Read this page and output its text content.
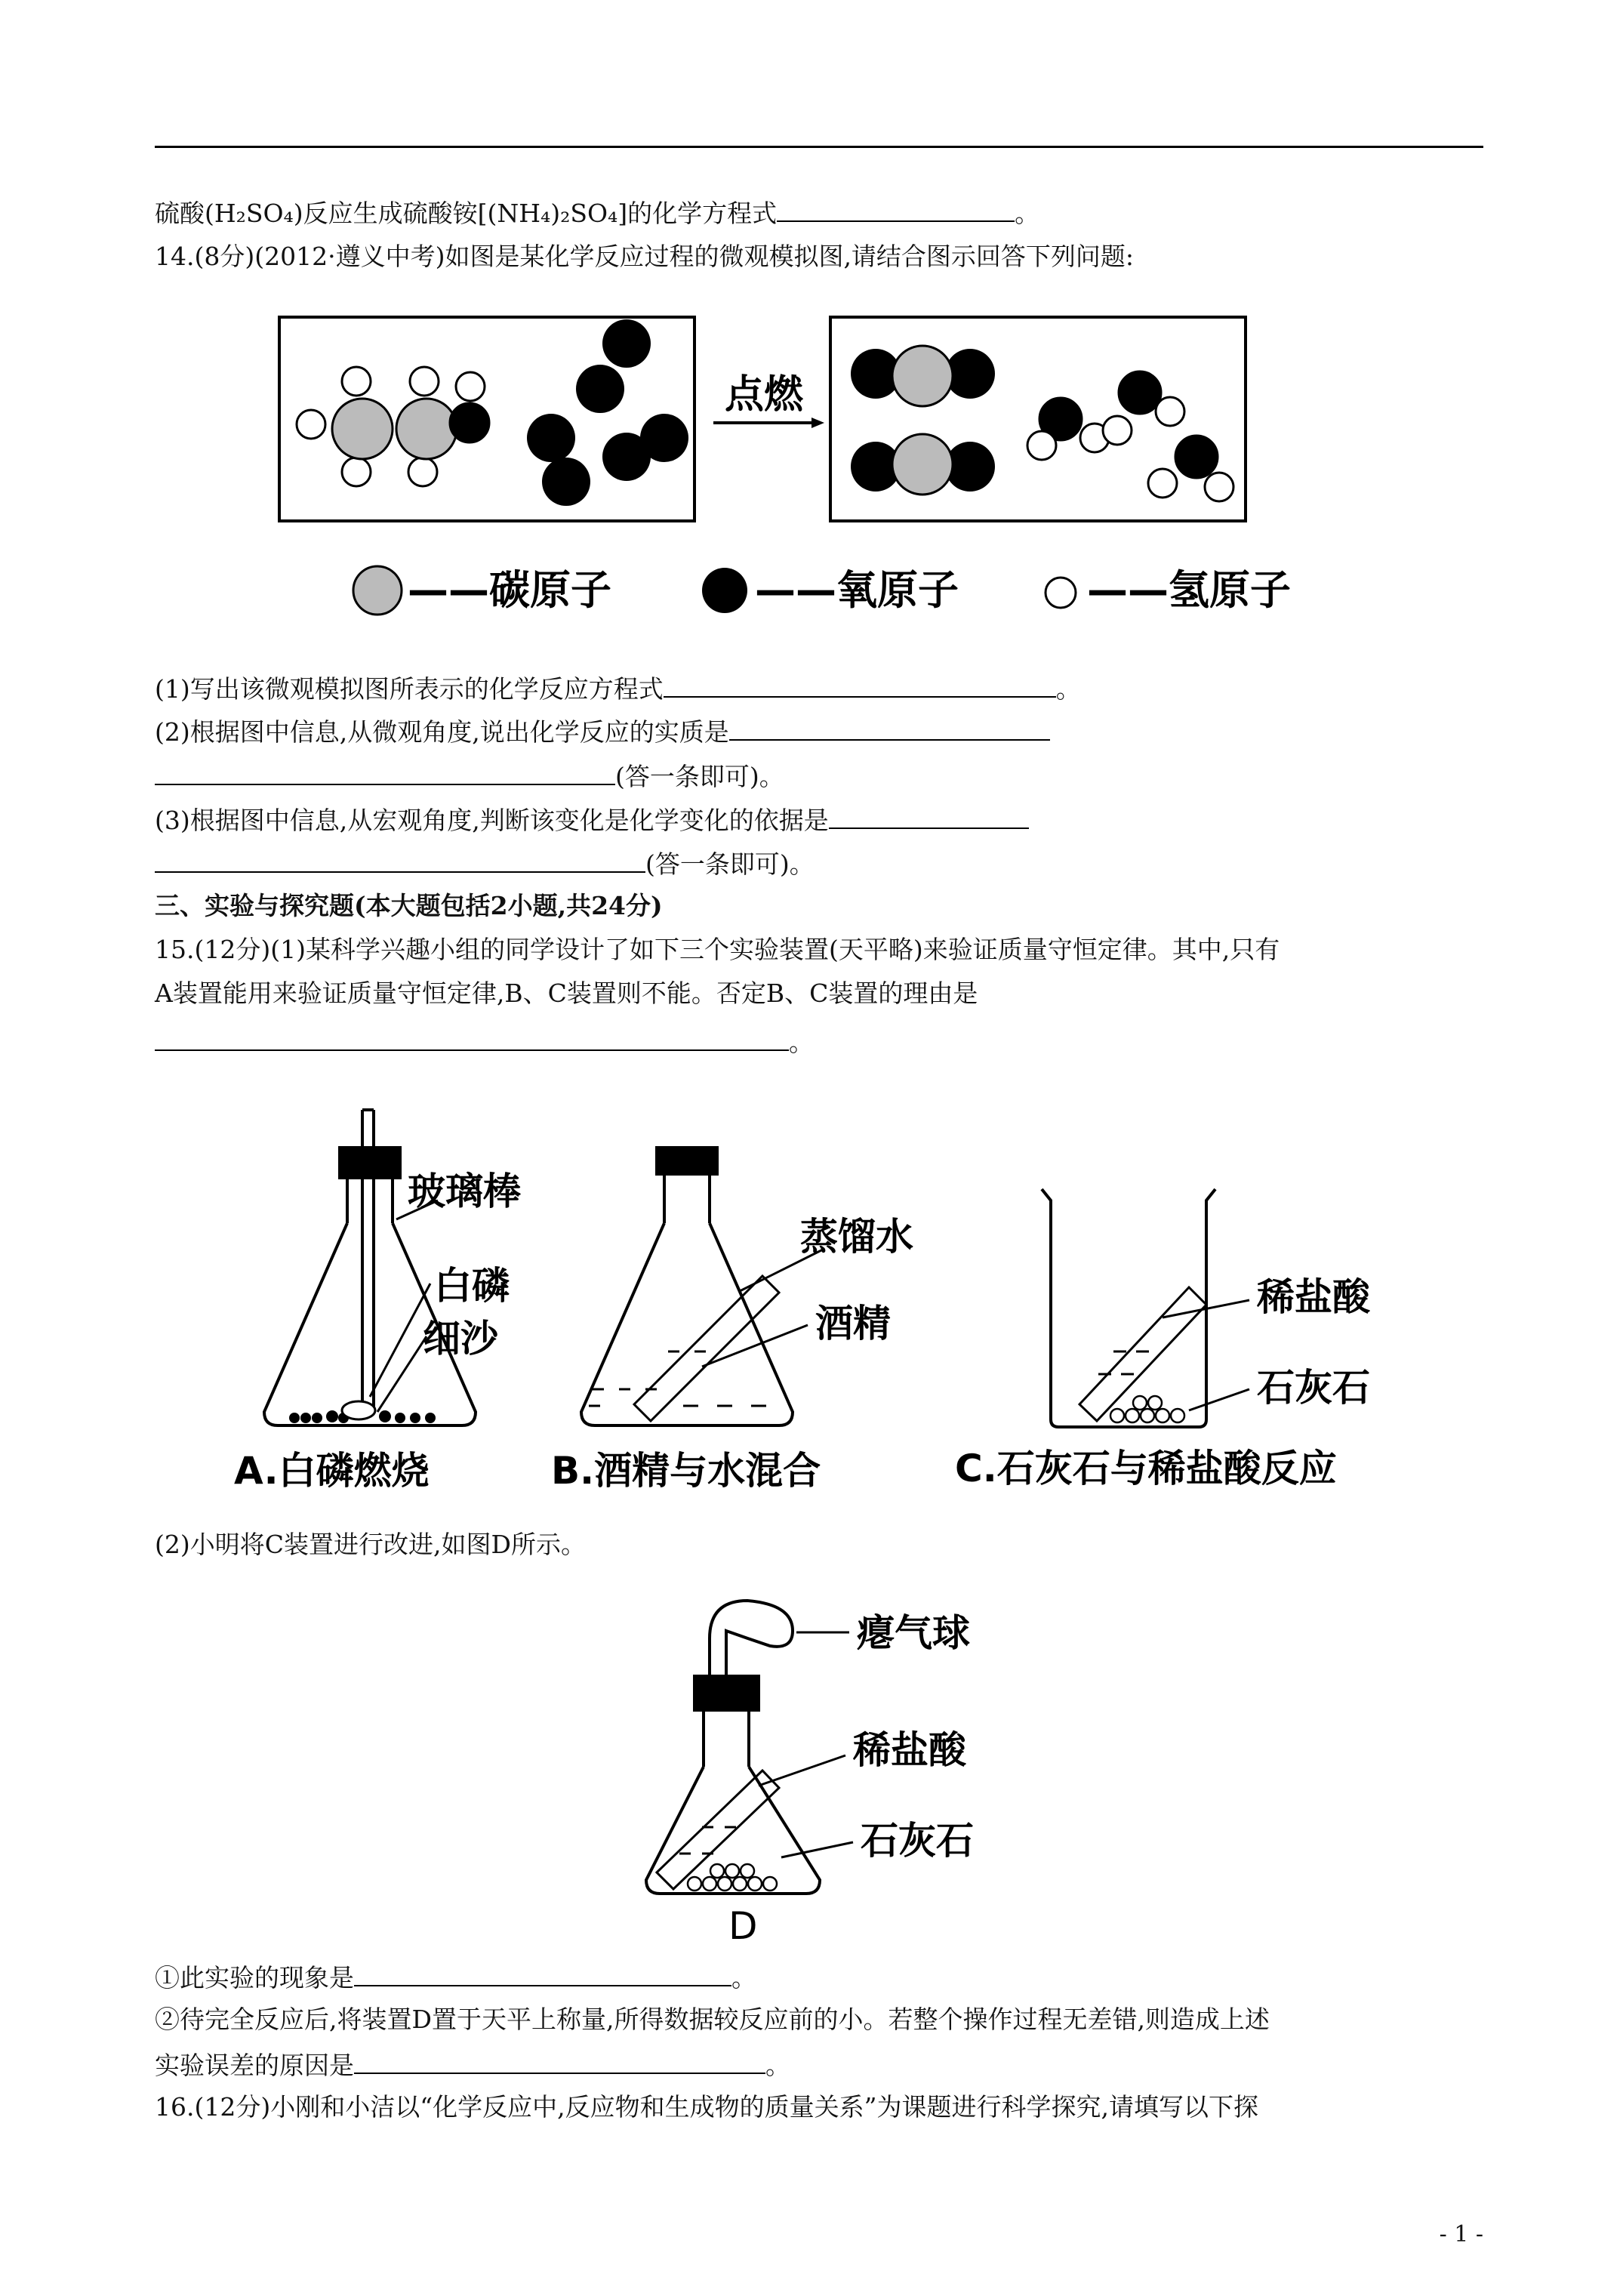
硫酸(H₂SO₄)反应生成硫酸铵[(NH₄)₂SO₄]的化学方程式	。
14.(8分)(2012·遵义中考)如图是某化学反应过程的微观模拟图,请结合图示回答下列问题:
点燃
——碳原子	——氧原子	——氢原子
(1)写出该微观模拟图所表示的化学反应方程式	。
(2)根据图中信息,从微观角度,说出化学反应的实质是
(答一条即可)。
(3)根据图中信息,从宏观角度,判断该变化是化学变化的依据是
(答一条即可)。
三、实验与探究题(本大题包括2小题,共24分)
15.(12分)(1)某科学兴趣小组的同学设计了如下三个实验装置(天平略)来验证质量守恒定律。其中,只有
A装置能用来验证质量守恒定律,B、C装置则不能。否定B、C装置的理由是
。
玻璃棒
白磷
细沙
A.白磷燃烧
蒸馏水
酒精
B.酒精与水混合
稀盐酸
石灰石
C.石灰石与稀盐酸反应
(2)小明将C装置进行改进,如图D所示。
瘪气球
稀盐酸
石灰石
D
①此实验的现象是	。
②待完全反应后,将装置D置于天平上称量,所得数据较反应前的小。若整个操作过程无差错,则造成上述
实验误差的原因是	。
16.(12分)小刚和小洁以“化学反应中,反应物和生成物的质量关系”为课题进行科学探究,请填写以下探
- 1 -
